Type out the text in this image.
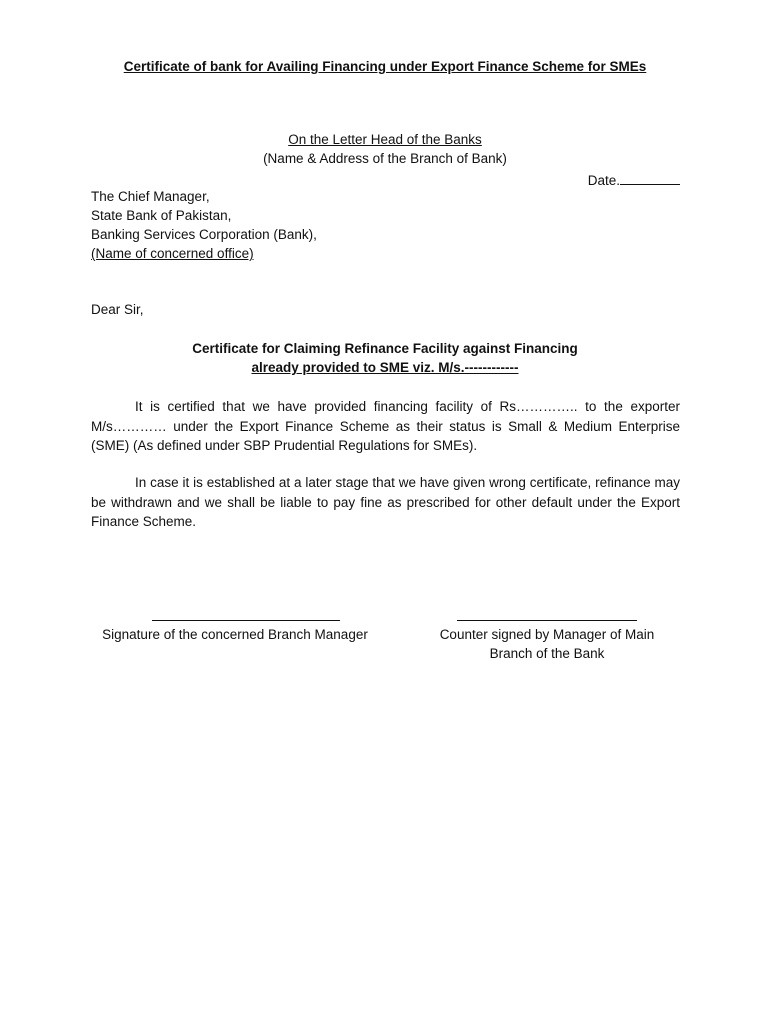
Certificate of bank for Availing Financing under Export Finance Scheme for SMEs
On the Letter Head of the Banks
(Name & Address of the Branch of Bank)
Date.
The Chief Manager,
State Bank of Pakistan,
Banking Services Corporation (Bank),
(Name of concerned office)
Dear Sir,
Certificate for Claiming Refinance Facility against Financing
already provided to SME viz. M/s.------------

It is certified that we have provided financing facility of Rs………….. to the exporter M/s………… under the Export Finance Scheme as their status is Small & Medium Enterprise (SME) (As defined under SBP Prudential Regulations for SMEs).

In case it is established at a later stage that we have given wrong certificate, refinance may be withdrawn and we shall be liable to pay fine as prescribed for other default under the Export Finance Scheme.

Signature of the concerned Branch Manager	Counter signed by Manager of Main
Branch of the Bank
